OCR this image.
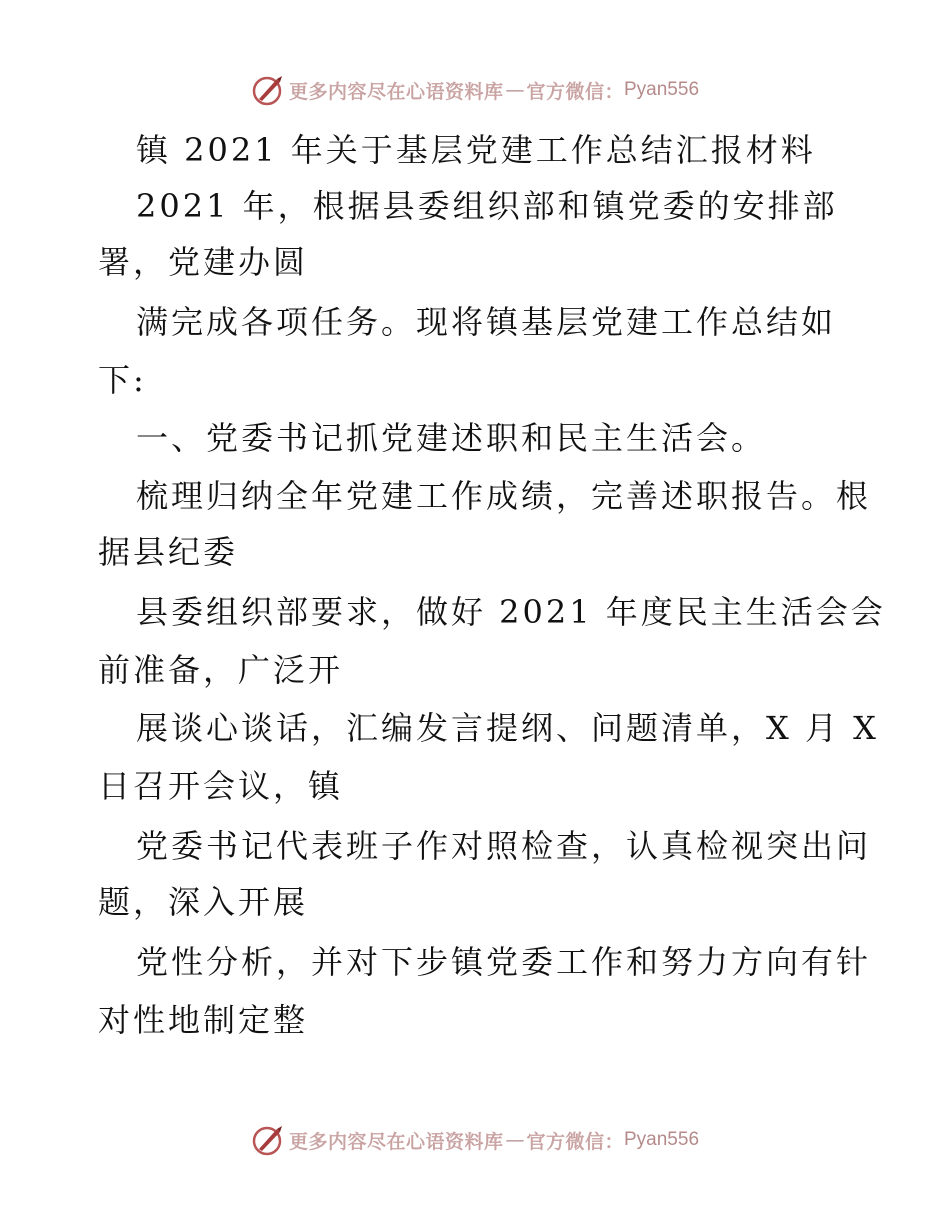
更多内容尽在心语资料库 — 官方微信： Pyan556
镇 2021 年关于基层党建工作总结汇报材料
2021 年，根据县委组织部和镇党委的安排部
署，党建办圆
满完成各项任务。现将镇基层党建工作总结如
下:
一、党委书记抓党建述职和民主生活会。
梳理归纳全年党建工作成绩，完善述职报告。根
据县纪委
县委组织部要求，做好 2021 年度民主生活会会
前准备，广泛开
展谈心谈话，汇编发言提纲、问题清单，X 月 X
日召开会议，镇
党委书记代表班子作对照检查，认真检视突出问
题，深入开展
党性分析，并对下步镇党委工作和努力方向有针
对性地制定整
更多内容尽在心语资料库 — 官方微信： Pyan556
